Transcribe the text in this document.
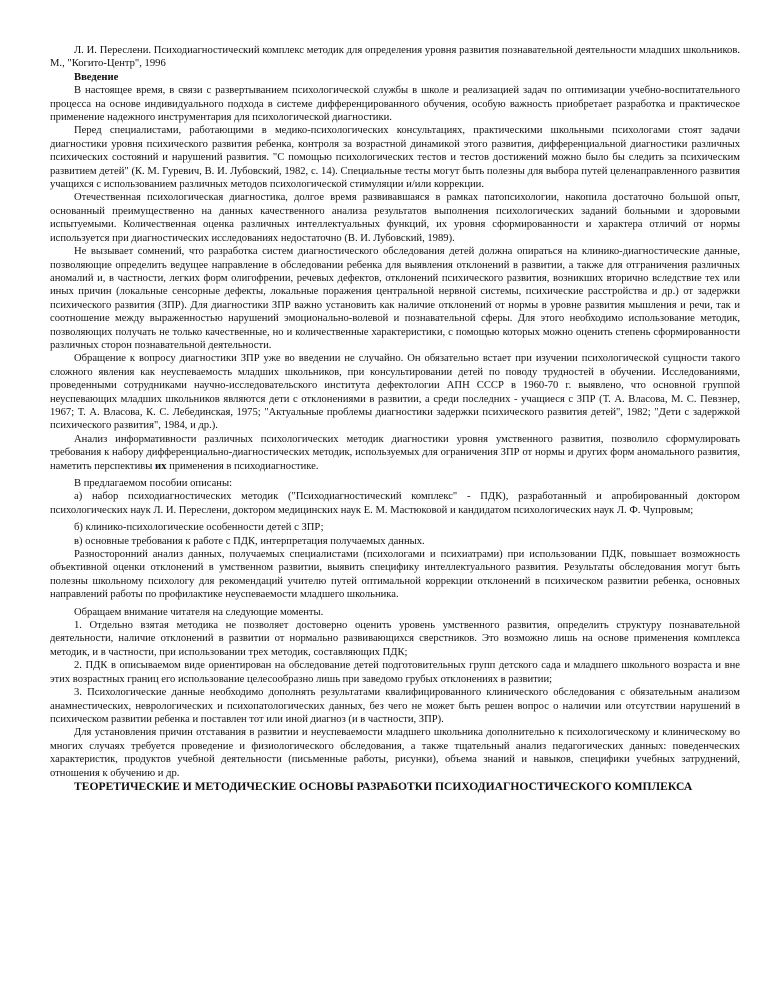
Л. И. Переслени. Психодиагностический комплекс методик для определения уровня развития познавательной деятельности младших школьников. М., "Когито-Центр", 1996

Введение

В настоящее время, в связи с развертыванием психологической службы в школе и реализацией задач по оптимизации учебно-воспитательного процесса на основе индивидуального подхода в системе дифференцированного обучения, особую важность приобретает разработка и практическое применение надежного инструментария для психологической диагностики.

Перед специалистами, работающими в медико-психологических консультациях, практическими школьными психологами стоят задачи диагностики уровня психического развития ребенка, контроля за возрастной динамикой этого развития, дифференциальной диагностики различных психических состояний и нарушений развития. "С помощью психологических тестов и тестов достижений можно было бы следить за психическим развитием детей" (К. М. Гуревич, В. И. Лубовский, 1982, с. 14). Специальные тесты могут быть полезны для выбора путей целенаправленного развития учащихся с использованием различных методов психологической стимуляции и/или коррекции.

Отечественная психологическая диагностика, долгое время развивавшаяся в рамках патопсихологии, накопила достаточно большой опыт, основанный преимущественно на данных качественного анализа результатов выполнения психологических заданий больными и здоровыми испытуемыми. Количественная оценка различных интеллектуальных функций, их уровня сформированности и характера отличий от нормы используется при диагностических исследованиях недостаточно (В. И. Лубовский, 1989).

Не вызывает сомнений, что разработка систем диагностического обследования детей должна опираться на клинико-диагностические данные, позволяющие определить ведущее направление в обследовании ребенка для выявления отклонений в развитии, а также для отграничения различных аномалий и, в частности, легких форм олигофрении, речевых дефектов, отклонений психического развития, возникших вторично вследствие тех или иных причин (локальные сенсорные дефекты, локальные поражения центральной нервной системы, психические расстройства и др.) от задержки психического развития (ЗПР). Для диагностики ЗПР важно установить как наличие отклонений от нормы в уровне развития мышления и речи, так и соотношение между выраженностью нарушений эмоционально-волевой и познавательной сферы. Для этого необходимо использование методик, позволяющих получать не только качественные, но и количественные характеристики, с помощью которых можно оценить степень сформированности различных сторон познавательной деятельности.

Обращение к вопросу диагностики ЗПР уже во введении не случайно. Он обязательно встает при изучении психологической сущности такого сложного явления как неуспеваемость младших школьников, при консультировании детей по поводу трудностей в обучении. Исследованиями, проведенными сотрудниками научно-исследовательского института дефектологии АПН СССР в 1960-70 г. выявлено, что основной группой неуспевающих младших школьников являются дети с отклонениями в развитии, а среди последних - учащиеся с ЗПР (Т. А. Власова, М. С. Певзнер, 1967; Т. А. Власова, К. С. Лебединская, 1975; "Актуальные проблемы диагностики задержки психического развития детей", 1982; "Дети с задержкой психического развития", 1984, и др.).

Анализ информативности различных психологических методик диагностики уровня умственного развития, позволило сформулировать требования к набору дифференциально-диагностических методик, используемых для ограничения ЗПР от нормы и других форм аномального развития, наметить перспективы их применения в психодиагностике.

В предлагаемом пособии описаны:

а) набор психодиагностических методик ("Психодиагностический комплекс" - ПДК), разработанный и апробированный доктором психологических наук Л. И. Переслени, доктором медицинских наук Е. М. Мастюковой и кандидатом психологических наук Л. Ф. Чупровым;

б) клинико-психологические особенности детей с ЗПР;

в) основные требования к работе с ПДК, интерпретация получаемых данных.

Разносторонний анализ данных, получаемых специалистами (психологами и психиатрами) при использовании ПДК, повышает возможность объективной оценки отклонений в умственном развитии, выявить специфику интеллектуального развития. Результаты обследования могут быть полезны школьному психологу для рекомендаций учителю путей оптимальной коррекции отклонений в психическом развитии ребенка, основных направлений работы по профилактике неуспеваемости младшего школьника.

Обращаем внимание читателя на следующие моменты.

1. Отдельно взятая методика не позволяет достоверно оценить уровень умственного развития, определить структуру познавательной деятельности, наличие отклонений в развитии от нормально развивающихся сверстников. Это возможно лишь на основе применения комплекса методик, и в частности, при использовании трех методик, составляющих ПДК;

2. ПДК в описываемом виде ориентирован на обследование детей подготовительных групп детского сада и младшего школьного возраста и вне этих возрастных границ его использование целесообразно лишь при заведомо грубых отклонениях в развитии;

3. Психологические данные необходимо дополнять результатами квалифицированного клинического обследования с обязательным анализом анамнестических, неврологических и психопатологических данных, без чего не может быть решен вопрос о наличии или отсутствии нарушений в психическом развитии ребенка и поставлен тот или иной диагноз (и в частности, ЗПР).

Для установления причин отставания в развитии и неуспеваемости младшего школьника дополнительно к психологическому и клиническому во многих случаях требуется проведение и физиологического обследования, а также тщательный анализ педагогических данных: поведенческих характеристик, продуктов учебной деятельности (письменные работы, рисунки), объема знаний и навыков, специфики учебных затруднений, отношения к обучению и др.

ТЕОРЕТИЧЕСКИЕ И МЕТОДИЧЕСКИЕ ОСНОВЫ РАЗРАБОТКИ ПСИХОДИАГНОСТИЧЕСКОГО КОМПЛЕКСА
